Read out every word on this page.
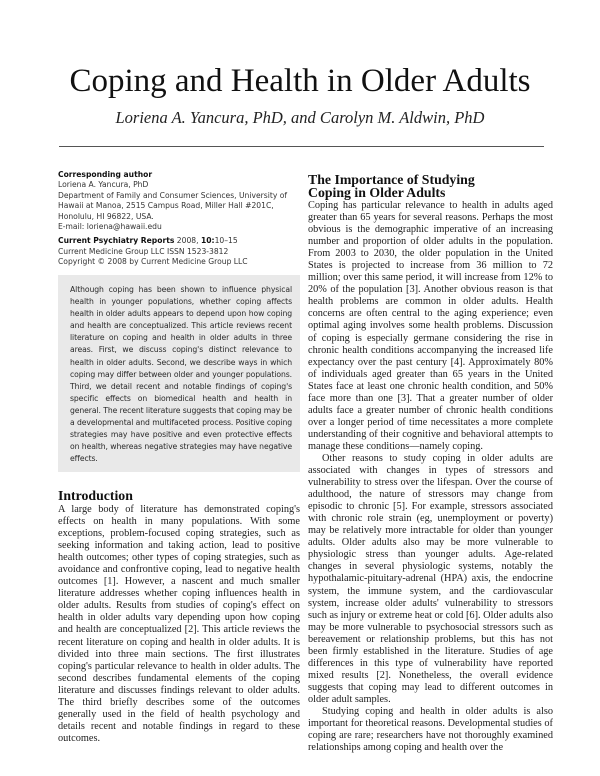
Coping and Health in Older Adults
Loriena A. Yancura, PhD, and Carolyn M. Aldwin, PhD

Corresponding author

Loriena A. Yancura, PhD

Department of Family and Consumer Sciences, University of

Hawaii at Manoa, 2515 Campus Road, Miller Hall #201C,

Honolulu, HI 96822, USA.

E-mail: loriena@hawaii.edu

Current Psychiatry Reports 2008, 10:10–15

Current Medicine Group LLC ISSN 1523-3812

Copyright © 2008 by Current Medicine Group LLC

Although coping has been shown to influence physical health in younger populations, whether coping affects health in older adults appears to depend upon how coping and health are conceptualized. This article reviews recent literature on coping and health in older adults in three areas. First, we discuss coping's distinct relevance to health in older adults. Second, we describe ways in which coping may differ between older and younger populations. Third, we detail recent and notable findings of coping's specific effects on biomedical health and health in general. The recent literature suggests that coping may be a developmental and multifaceted process. Positive coping strategies may have positive and even protective effects on health, whereas negative strategies may have negative effects.

Introduction

A large body of literature has demonstrated coping's effects on health in many populations. With some exceptions, problem-focused coping strategies, such as seeking information and taking action, lead to positive health outcomes; other types of coping strategies, such as avoidance and confrontive coping, lead to negative health outcomes [1]. However, a nascent and much smaller literature addresses whether coping influences health in older adults. Results from studies of coping's effect on health in older adults vary depending upon how coping and health are conceptualized [2]. This article reviews the recent literature on coping and health in older adults. It is divided into three main sections. The first illustrates coping's particular relevance to health in older adults. The second describes fundamental elements of the coping literature and discusses findings relevant to older adults. The third briefly describes some of the outcomes generally used in the field of health psychology and details recent and notable findings in regard to these outcomes.

The Importance of Studying
Coping in Older Adults

Coping has particular relevance to health in adults aged greater than 65 years for several reasons. Perhaps the most obvious is the demographic imperative of an increasing number and proportion of older adults in the population. From 2003 to 2030, the older population in the United States is projected to increase from 36 million to 72 million; over this same period, it will increase from 12% to 20% of the population [3]. Another obvious reason is that health problems are common in older adults. Health concerns are often central to the aging experience; even optimal aging involves some health problems. Discussion of coping is especially germane considering the rise in chronic health conditions accompanying the increased life expectancy over the past century [4]. Approximately 80% of individuals aged greater than 65 years in the United States face at least one chronic health condition, and 50% face more than one [3]. That a greater number of older adults face a greater number of chronic health conditions over a longer period of time necessitates a more complete understanding of their cognitive and behavioral attempts to manage these conditions—namely coping.

Other reasons to study coping in older adults are associated with changes in types of stressors and vulnerability to stress over the lifespan. Over the course of adulthood, the nature of stressors may change from episodic to chronic [5]. For example, stressors associated with chronic role strain (eg, unemployment or poverty) may be relatively more intractable for older than younger adults. Older adults also may be more vulnerable to physiologic stress than younger adults. Age-related changes in several physiologic systems, notably the hypothalamic-pituitary-adrenal (HPA) axis, the endocrine system, the immune system, and the cardiovascular system, increase older adults' vulnerability to stressors such as injury or extreme heat or cold [6]. Older adults also may be more vulnerable to psychosocial stressors such as bereavement or relationship problems, but this has not been firmly established in the literature. Studies of age differences in this type of vulnerability have reported mixed results [2]. Nonetheless, the overall evidence suggests that coping may lead to different outcomes in older adult samples.

Studying coping and health in older adults is also important for theoretical reasons. Developmental studies of coping are rare; researchers have not thoroughly examined relationships among coping and health over the
